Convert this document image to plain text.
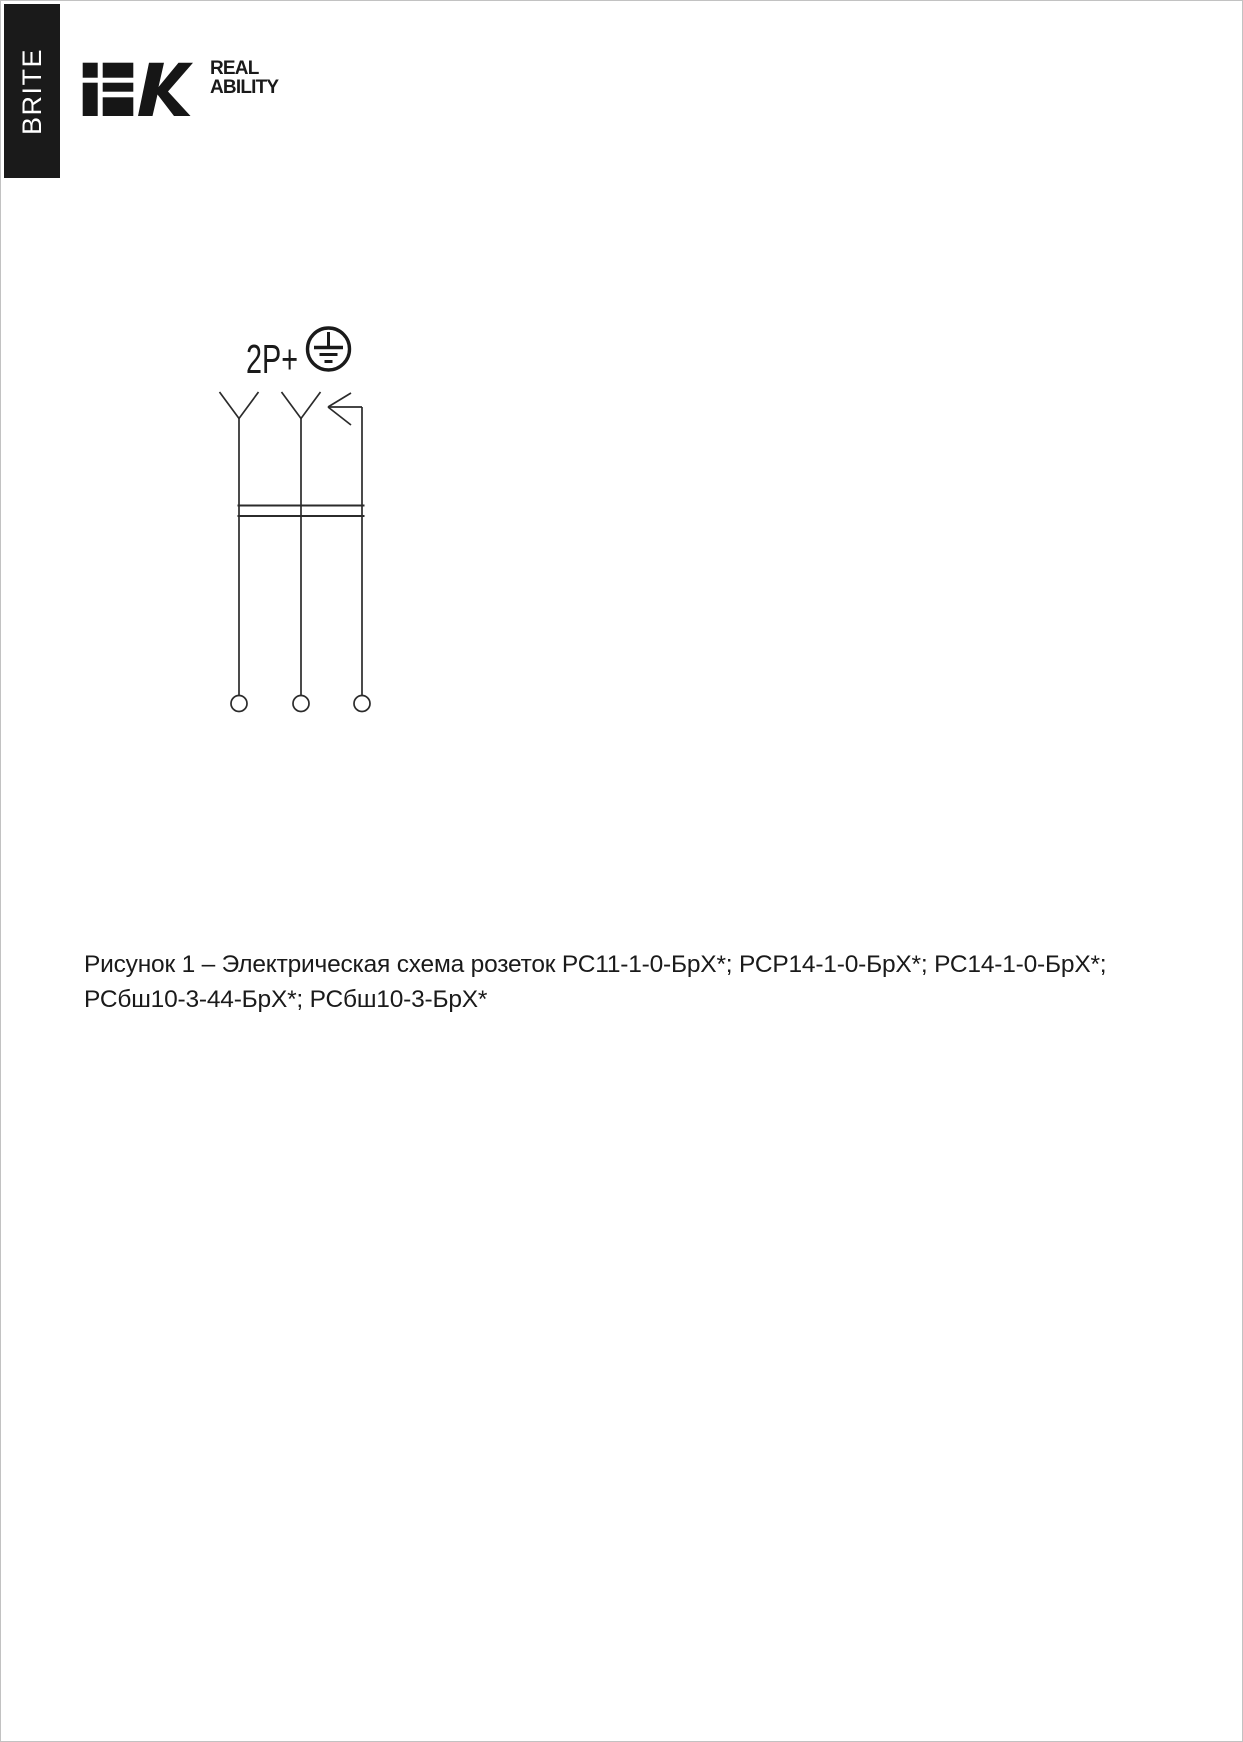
BRITE	REAL
ABILITY
2P+
Рисунок 1 – Электрическая схема розеток РС11-1-0-БрХ*; РСР14-1-0-БрХ*; РС14-1-0-БрХ*;
РСбш10-3-44-БрХ*; РСбш10-3-БрХ*
